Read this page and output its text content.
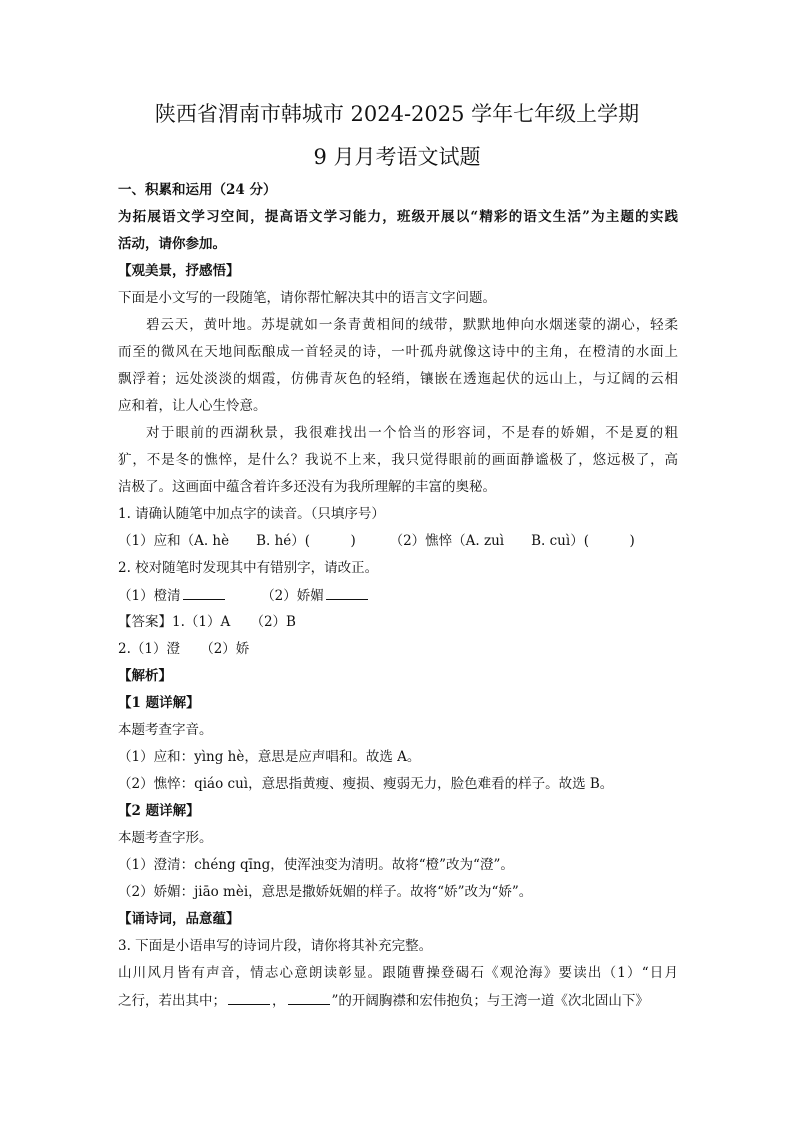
陕西省渭南市韩城市 2024-2025 学年七年级上学期
9 月月考语文试题
一、积累和运用（24 分）
为拓展语文学习空间，提高语文学习能力，班级开展以“精彩的语文生活”为主题的实践
活动，请你参加。
【观美景，抒感悟】
下面是小文写的一段随笔，请你帮忙解决其中的语言文字问题。
碧云天，黄叶地。苏堤就如一条青黄相间的绒带，默默地伸向水烟迷蒙的湖心，轻柔
而至的微风在天地间酝酿成一首轻灵的诗，一叶孤舟就像这诗中的主角，在橙清的水面上
飘浮着；远处淡淡的烟霞，仿佛青灰色的轻绡，镶嵌在透迤起伏的远山上，与辽阔的云相
应和着，让人心生怜意。
对于眼前的西湖秋景，我很难找出一个恰当的形容词，不是春的娇媚，不是夏的粗
犷，不是冬的憔悴，是什么？我说不上来，我只觉得眼前的画面静谧极了，悠远极了，高
洁极了。这画面中蕴含着许多还没有为我所理解的丰富的奥秘。
1. 请确认随笔中加点字的读音。（只填序号）
（1）应和（A. hè　　B. hé）(　　　)　　　（2）憔悴（A. zuì　　B. cuì）(　　　)
2. 校对随笔时发现其中有错别字，请改正。
（1）橙清	（2）娇媚
【答案】1.（1）A　　（2）B
2.（1）澄　　（2）娇
【解析】
【1 题详解】
本题考查字音。
（1）应和：yìng hè，意思是应声唱和。故选 A。
（2）憔悴：qiáo cuì，意思指黄瘦、瘦损、瘦弱无力，脸色难看的样子。故选 B。
【2 题详解】
本题考查字形。
（1）澄清：chéng qīng，使浑浊变为清明。故将“橙”改为“澄”。
（2）娇媚：jiāo mèi，意思是撒娇妩媚的样子。故将“娇”改为“娇”。
【诵诗词，品意蕴】
3. 下面是小语串写的诗词片段，请你将其补充完整。
山川风月皆有声音，情志心意朗读彰显。跟随曹操登碣石《观沧海》要读出（1）“日月
之行，若出其中；	，	”的开阔胸襟和宏伟抱负；与王湾一道《次北固山下》
